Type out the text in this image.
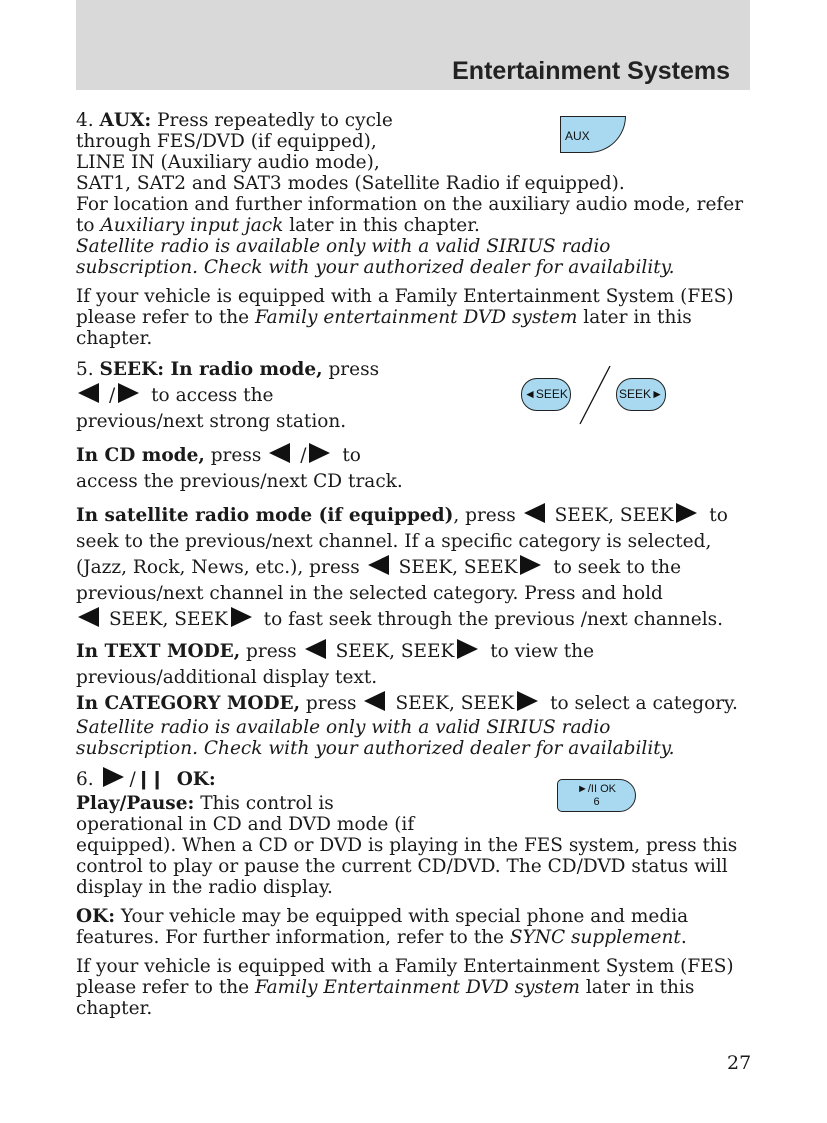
Entertainment Systems
AUX
◄SEEK	SEEK►
►/II OK
6

4. AUX: Press repeatedly to cycle
through FES/DVD (if equipped),
LINE IN (Auxiliary audio mode),
SAT1, SAT2 and SAT3 modes (Satellite Radio if equipped).
For location and further information on the auxiliary audio mode, refer
to Auxiliary input jack later in this chapter.
Satellite radio is available only with a valid SIRIUS radio
subscription. Check with your authorized dealer for availability.

If your vehicle is equipped with a Family Entertainment System (FES)
please refer to the Family entertainment DVD system later in this
chapter.

5. SEEK: In radio mode, press
/ to access the
previous/next strong station.

In CD mode, press / to
access the previous/next CD track.

In satellite radio mode (if equipped), press SEEK, SEEK to
seek to the previous/next channel. If a specific category is selected,
(Jazz, Rock, News, etc.), press SEEK, SEEK to seek to the
previous/next channel in the selected category. Press and hold
SEEK, SEEK to fast seek through the previous /next channels.

In TEXT MODE, press SEEK, SEEK to view the
previous/additional display text.
In CATEGORY MODE, press SEEK, SEEK to select a category.

Satellite radio is available only with a valid SIRIUS radio
subscription. Check with your authorized dealer for availability.

6. /❙❙ OK:

Play/Pause: This control is
operational in CD and DVD mode (if
equipped). When a CD or DVD is playing in the FES system, press this
control to play or pause the current CD/DVD. The CD/DVD status will
display in the radio display.

OK: Your vehicle may be equipped with special phone and media
features. For further information, refer to the SYNC supplement.

If your vehicle is equipped with a Family Entertainment System (FES)
please refer to the Family Entertainment DVD system later in this
chapter.

27
